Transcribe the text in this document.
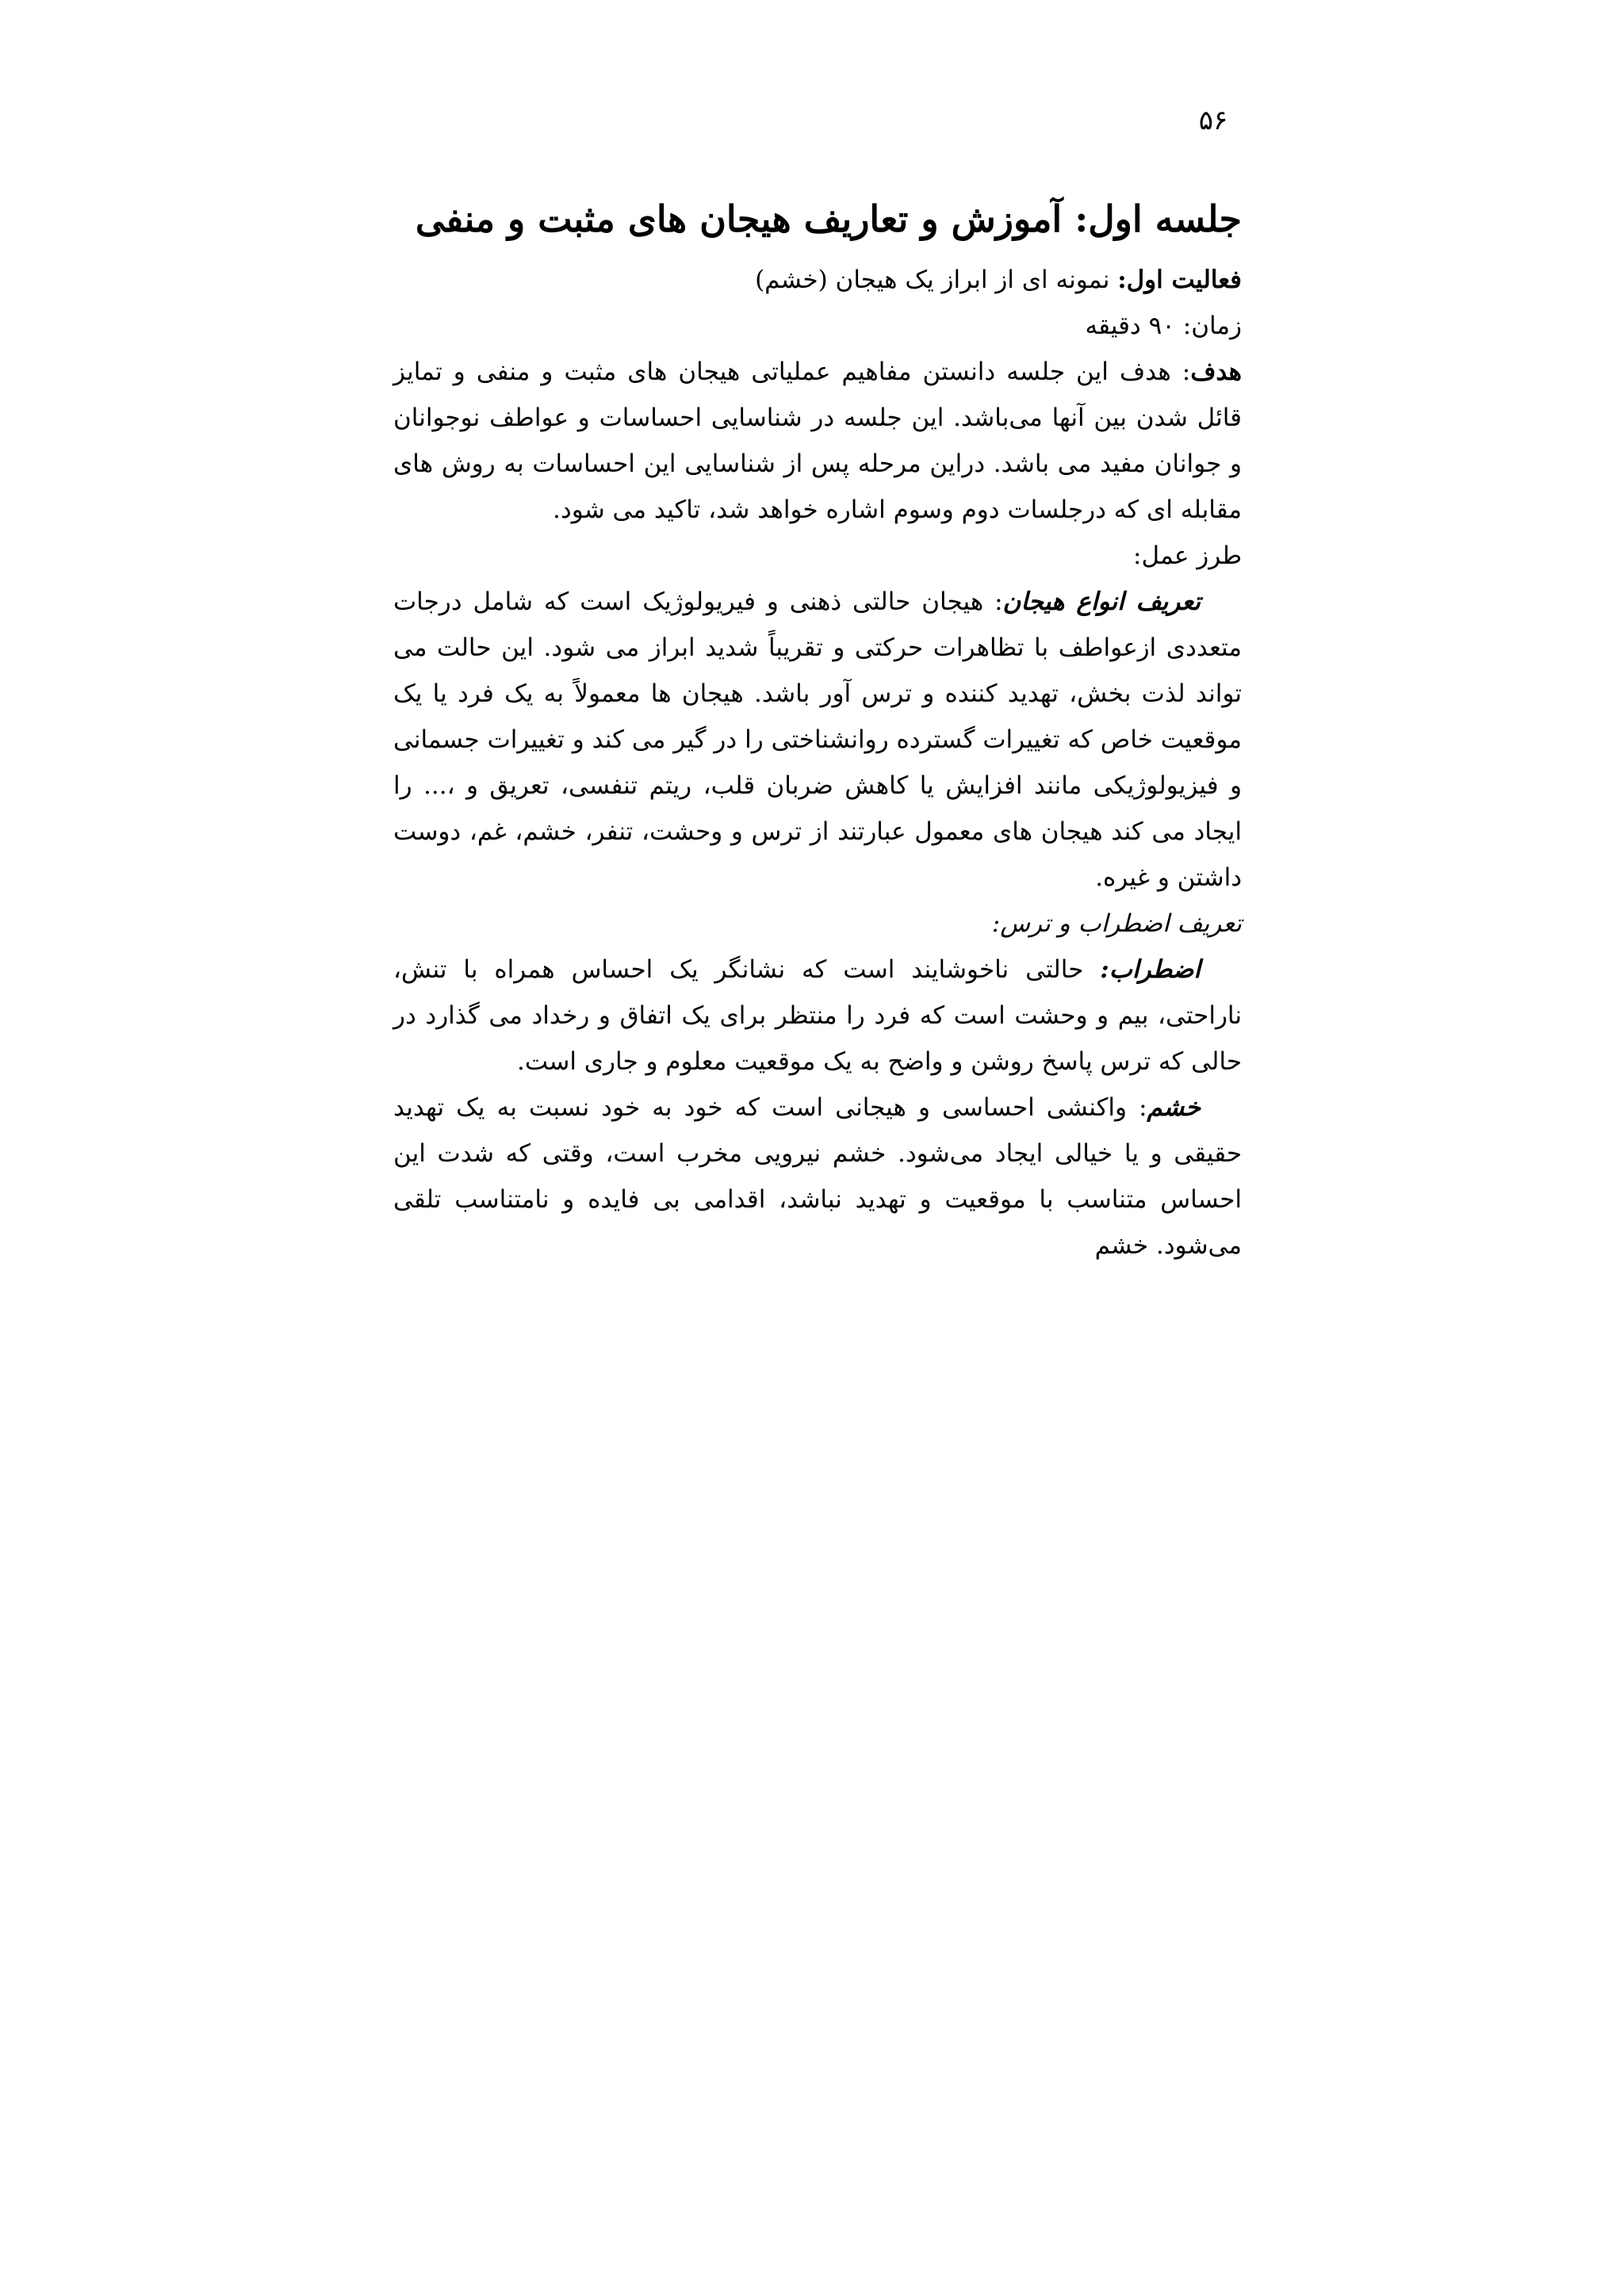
۵۶
جلسه اول: آموزش و تعاریف هیجان های مثبت و منفی

فعالیت اول: نمونه ای از ابراز یک هیجان (خشم)

زمان: ۹۰ دقیقه

هدف: هدف این جلسه دانستن مفاهیم عملیاتی هیجان های مثبت و منفی و تمایز قائل شدن بین آنها می‌باشد. این جلسه در شناسایی احساسات و عواطف نوجوانان و جوانان مفید می باشد. دراین مرحله پس از شناسایی این احساسات به روش های مقابله ای که درجلسات دوم وسوم اشاره خواهد شد، تاکید می شود.

طرز عمل:

تعریف انواع هیجان: هیجان حالتی ذهنی و فیریولوژیک است که شامل درجات متعددی ازعواطف با تظاهرات حرکتی و تقریباً شدید ابراز می شود. این حالت می تواند لذت بخش، تهدید کننده و ترس آور باشد. هیجان ها معمولاً به یک فرد یا یک موقعیت خاص که تغییرات گسترده روانشناختی را در گیر می کند و تغییرات جسمانی و فیزیولوژیکی مانند افزایش یا کاهش ضربان قلب، ریتم تنفسی، تعریق و ،... را ایجاد می کند هیجان های معمول عبارتند از ترس و وحشت، تنفر، خشم، غم، دوست داشتن و غیره.

تعریف اضطراب و ترس:

اضطراب: حالتی ناخوشایند است که نشانگر یک احساس همراه با تنش، ناراحتی، بیم و وحشت است که فرد را منتظر برای یک اتفاق و رخداد می گذارد در حالی که ترس پاسخ روشن و واضح به یک موقعیت معلوم و جاری است.

خشم: واکنشی احساسی و هیجانی است که خود به خود نسبت به یک تهدید حقیقی و یا خیالی ایجاد می‌شود. خشم نیرویی مخرب است، وقتی که شدت این احساس متناسب با موقعیت و تهدید نباشد، اقدامی بی فایده و نامتناسب تلقی می‌شود. خشم
